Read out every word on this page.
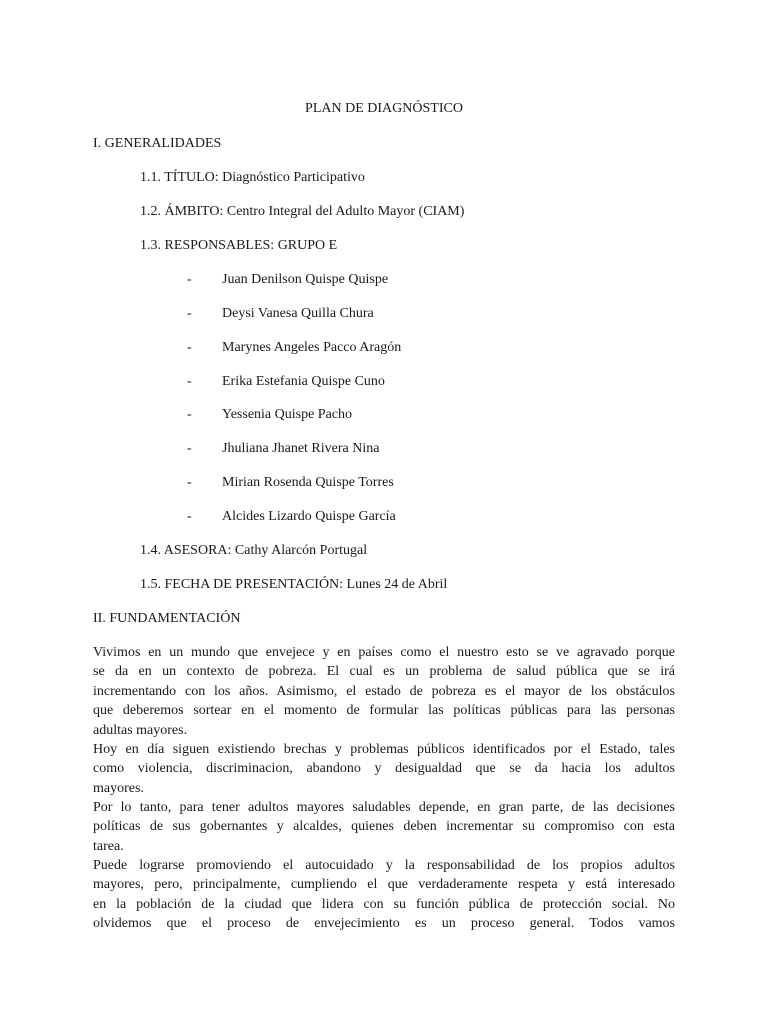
PLAN DE DIAGNÓSTICO
I. GENERALIDADES
1.1. TÍTULO: Diagnóstico Participativo
1.2. ÁMBITO: Centro Integral del Adulto Mayor (CIAM)
1.3. RESPONSABLES: GRUPO E
- Juan Denilson Quispe Quispe
- Deysi Vanesa Quilla Chura
- Marynes Angeles Pacco Aragón
- Erika Estefania Quispe Cuno
- Yessenia Quispe Pacho
- Jhuliana Jhanet Rivera Nina
- Mirian Rosenda Quispe Torres
- Alcides Lizardo Quispe García
1.4. ASESORA: Cathy Alarcón Portugal
1.5. FECHA DE PRESENTACIÓN: Lunes 24 de Abril
II. FUNDAMENTACIÓN
Vivimos en un mundo que envejece y en países como el nuestro esto se ve agravado porque
se da en un contexto de pobreza. El cual es un problema de salud pública que se irá
incrementando con los años. Asimismo, el estado de pobreza es el mayor de los obstáculos
que deberemos sortear en el momento de formular las políticas públicas para las personas
adultas mayores.
Hoy en día siguen existiendo brechas y problemas públicos identificados por el Estado, tales
como violencia, discriminacion, abandono y desigualdad que se da hacia los adultos
mayores.
Por lo tanto, para tener adultos mayores saludables depende, en gran parte, de las decisiones
políticas de sus gobernantes y alcaldes, quienes deben incrementar su compromiso con esta
tarea.
Puede lograrse promoviendo el autocuidado y la responsabilidad de los propios adultos
mayores, pero, principalmente, cumpliendo el que verdaderamente respeta y está interesado
en la población de la ciudad que lidera con su función pública de protección social. No
olvidemos que el proceso de envejecimiento es un proceso general. Todos vamos
